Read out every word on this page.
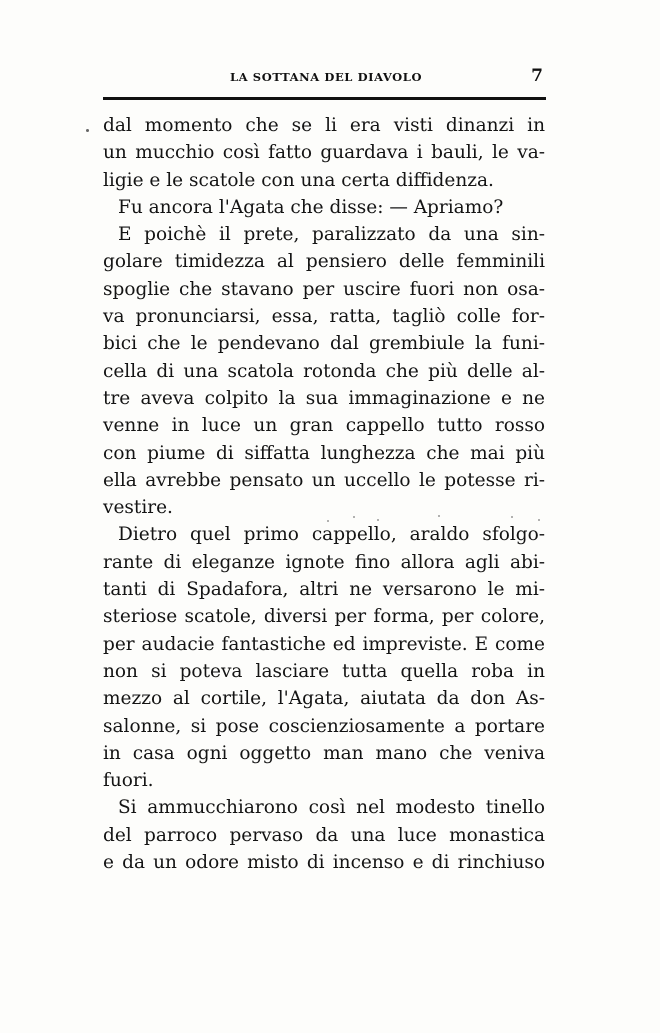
LA SOTTANA DEL DIAVOLO	7
dal momento che se li era visti dinanzi in
un mucchio così fatto guardava i bauli, le va-
ligie e le scatole con una certa diffidenza.
Fu ancora l'Agata che disse: — Apriamo?
E poichè il prete, paralizzato da una sin-
golare timidezza al pensiero delle femminili
spoglie che stavano per uscire fuori non osa-
va pronunciarsi, essa, ratta, tagliò colle for-
bici che le pendevano dal grembiule la funi-
cella di una scatola rotonda che più delle al-
tre aveva colpito la sua immaginazione e ne
venne in luce un gran cappello tutto rosso
con piume di siffatta lunghezza che mai più
ella avrebbe pensato un uccello le potesse ri-
vestire.
Dietro quel primo cappello, araldo sfolgo-
rante di eleganze ignote fino allora agli abi-
tanti di Spadafora, altri ne versarono le mi-
steriose scatole, diversi per forma, per colore,
per audacie fantastiche ed impreviste. E come
non si poteva lasciare tutta quella roba in
mezzo al cortile, l'Agata, aiutata da don As-
salonne, si pose coscienziosamente a portare
in casa ogni oggetto man mano che veniva
fuori.
Si ammucchiarono così nel modesto tinello
del parroco pervaso da una luce monastica
e da un odore misto di incenso e di rinchiuso
